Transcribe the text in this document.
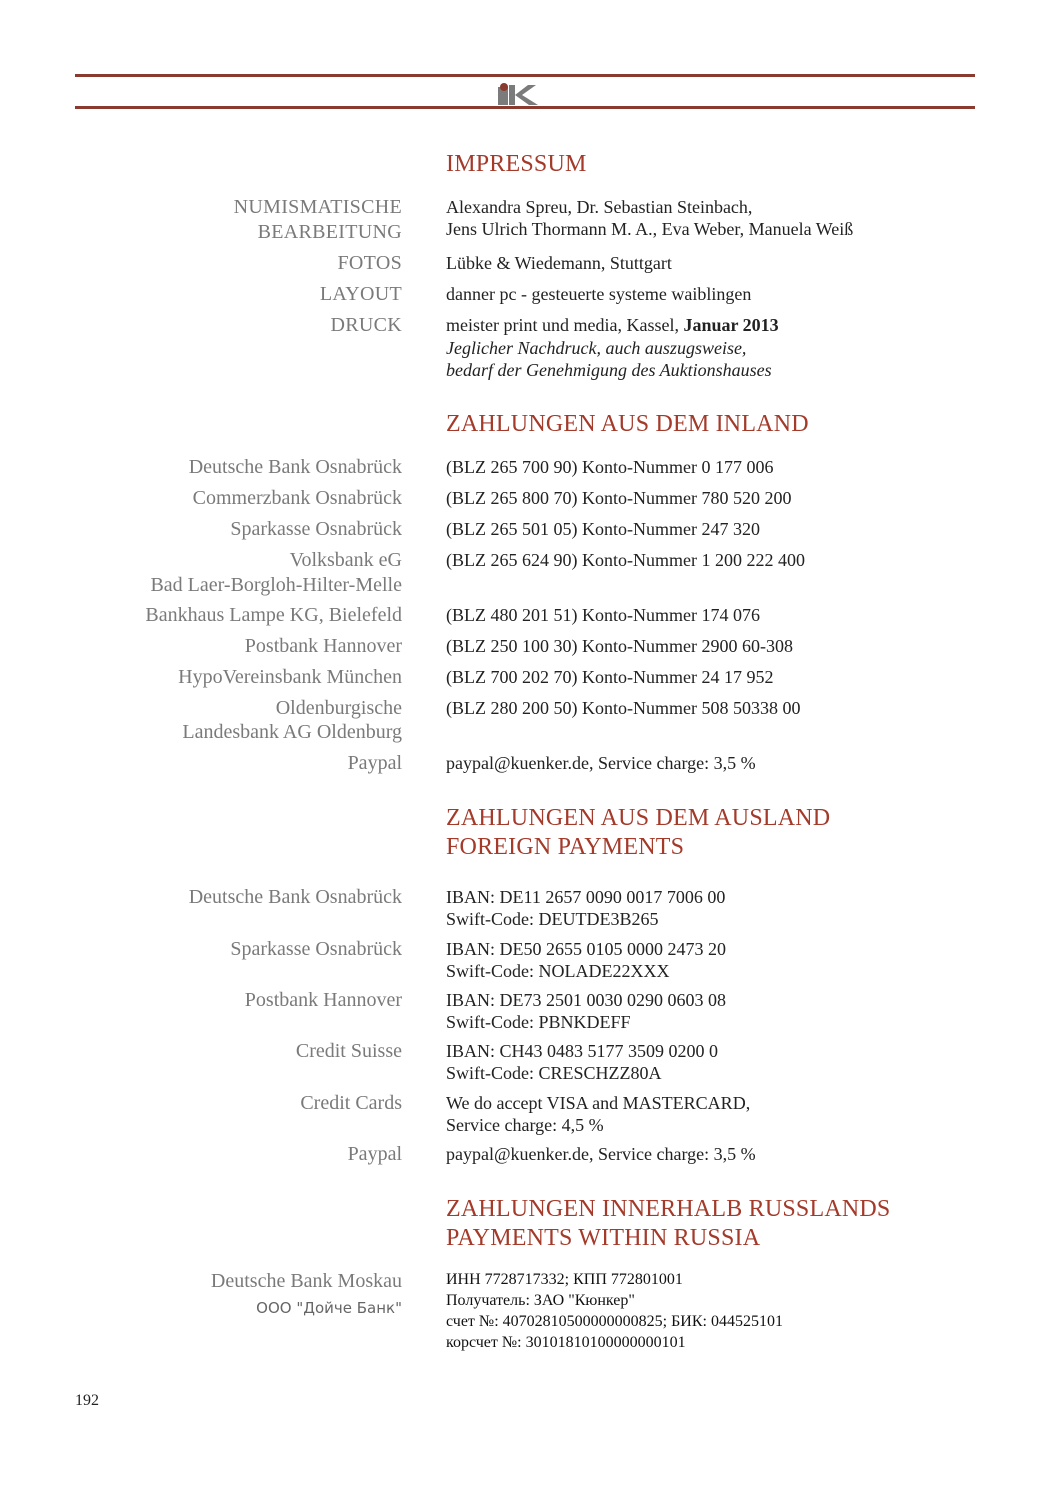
IMPRESSUM
NUMISMATISCHE
BEARBEITUNG
Alexandra Spreu, Dr. Sebastian Steinbach,
Jens Ulrich Thormann M. A., Eva Weber, Manuela Weiß
FOTOS Lübke & Wiedemann, Stuttgart
LAYOUT danner pc - gesteuerte systeme waiblingen
DRUCK meister print und media, Kassel, Januar 2013
Jeglicher Nachdruck, auch auszugsweise,
bedarf der Genehmigung des Auktionshauses
ZAHLUNGEN AUS DEM INLAND
Deutsche Bank Osnabrück (BLZ 265 700 90) Konto-Nummer 0 177 006
Commerzbank Osnabrück (BLZ 265 800 70) Konto-Nummer 780 520 200
Sparkasse Osnabrück (BLZ 265 501 05) Konto-Nummer 247 320
Volksbank eG
Bad Laer-Borgloh-Hilter-Melle
(BLZ 265 624 90) Konto-Nummer 1 200 222 400
Bankhaus Lampe KG, Bielefeld (BLZ 480 201 51) Konto-Nummer 174 076
Postbank Hannover (BLZ 250 100 30) Konto-Nummer 2900 60-308
HypoVereinsbank München (BLZ 700 202 70) Konto-Nummer 24 17 952
Oldenburgische
Landesbank AG Oldenburg
(BLZ 280 200 50) Konto-Nummer 508 50338 00
Paypal paypal@kuenker.de, Service charge: 3,5 %
ZAHLUNGEN AUS DEM AUSLAND
FOREIGN PAYMENTS
Deutsche Bank Osnabrück IBAN: DE11 2657 0090 0017 7006 00
Swift-Code: DEUTDE3B265
Sparkasse Osnabrück IBAN: DE50 2655 0105 0000 2473 20
Swift-Code: NOLADE22XXX
Postbank Hannover IBAN: DE73 2501 0030 0290 0603 08
Swift-Code: PBNKDEFF
Credit Suisse IBAN: CH43 0483 5177 3509 0200 0
Swift-Code: CRESCHZZ80A
Credit Cards We do accept VISA and MASTERCARD,
Service charge: 4,5 %
Paypal paypal@kuenker.de, Service charge: 3,5 %
ZAHLUNGEN INNERHALB RUSSLANDS
PAYMENTS WITHIN RUSSIA
Deutsche Bank Moskau
OOO "Дойче Банк"
ИНН 7728717332; КПП 772801001
Получатель: ЗАО "Кюнкер"
счет №: 40702810500000000825; БИК: 044525101
корсчет №: 30101810100000000101
192
